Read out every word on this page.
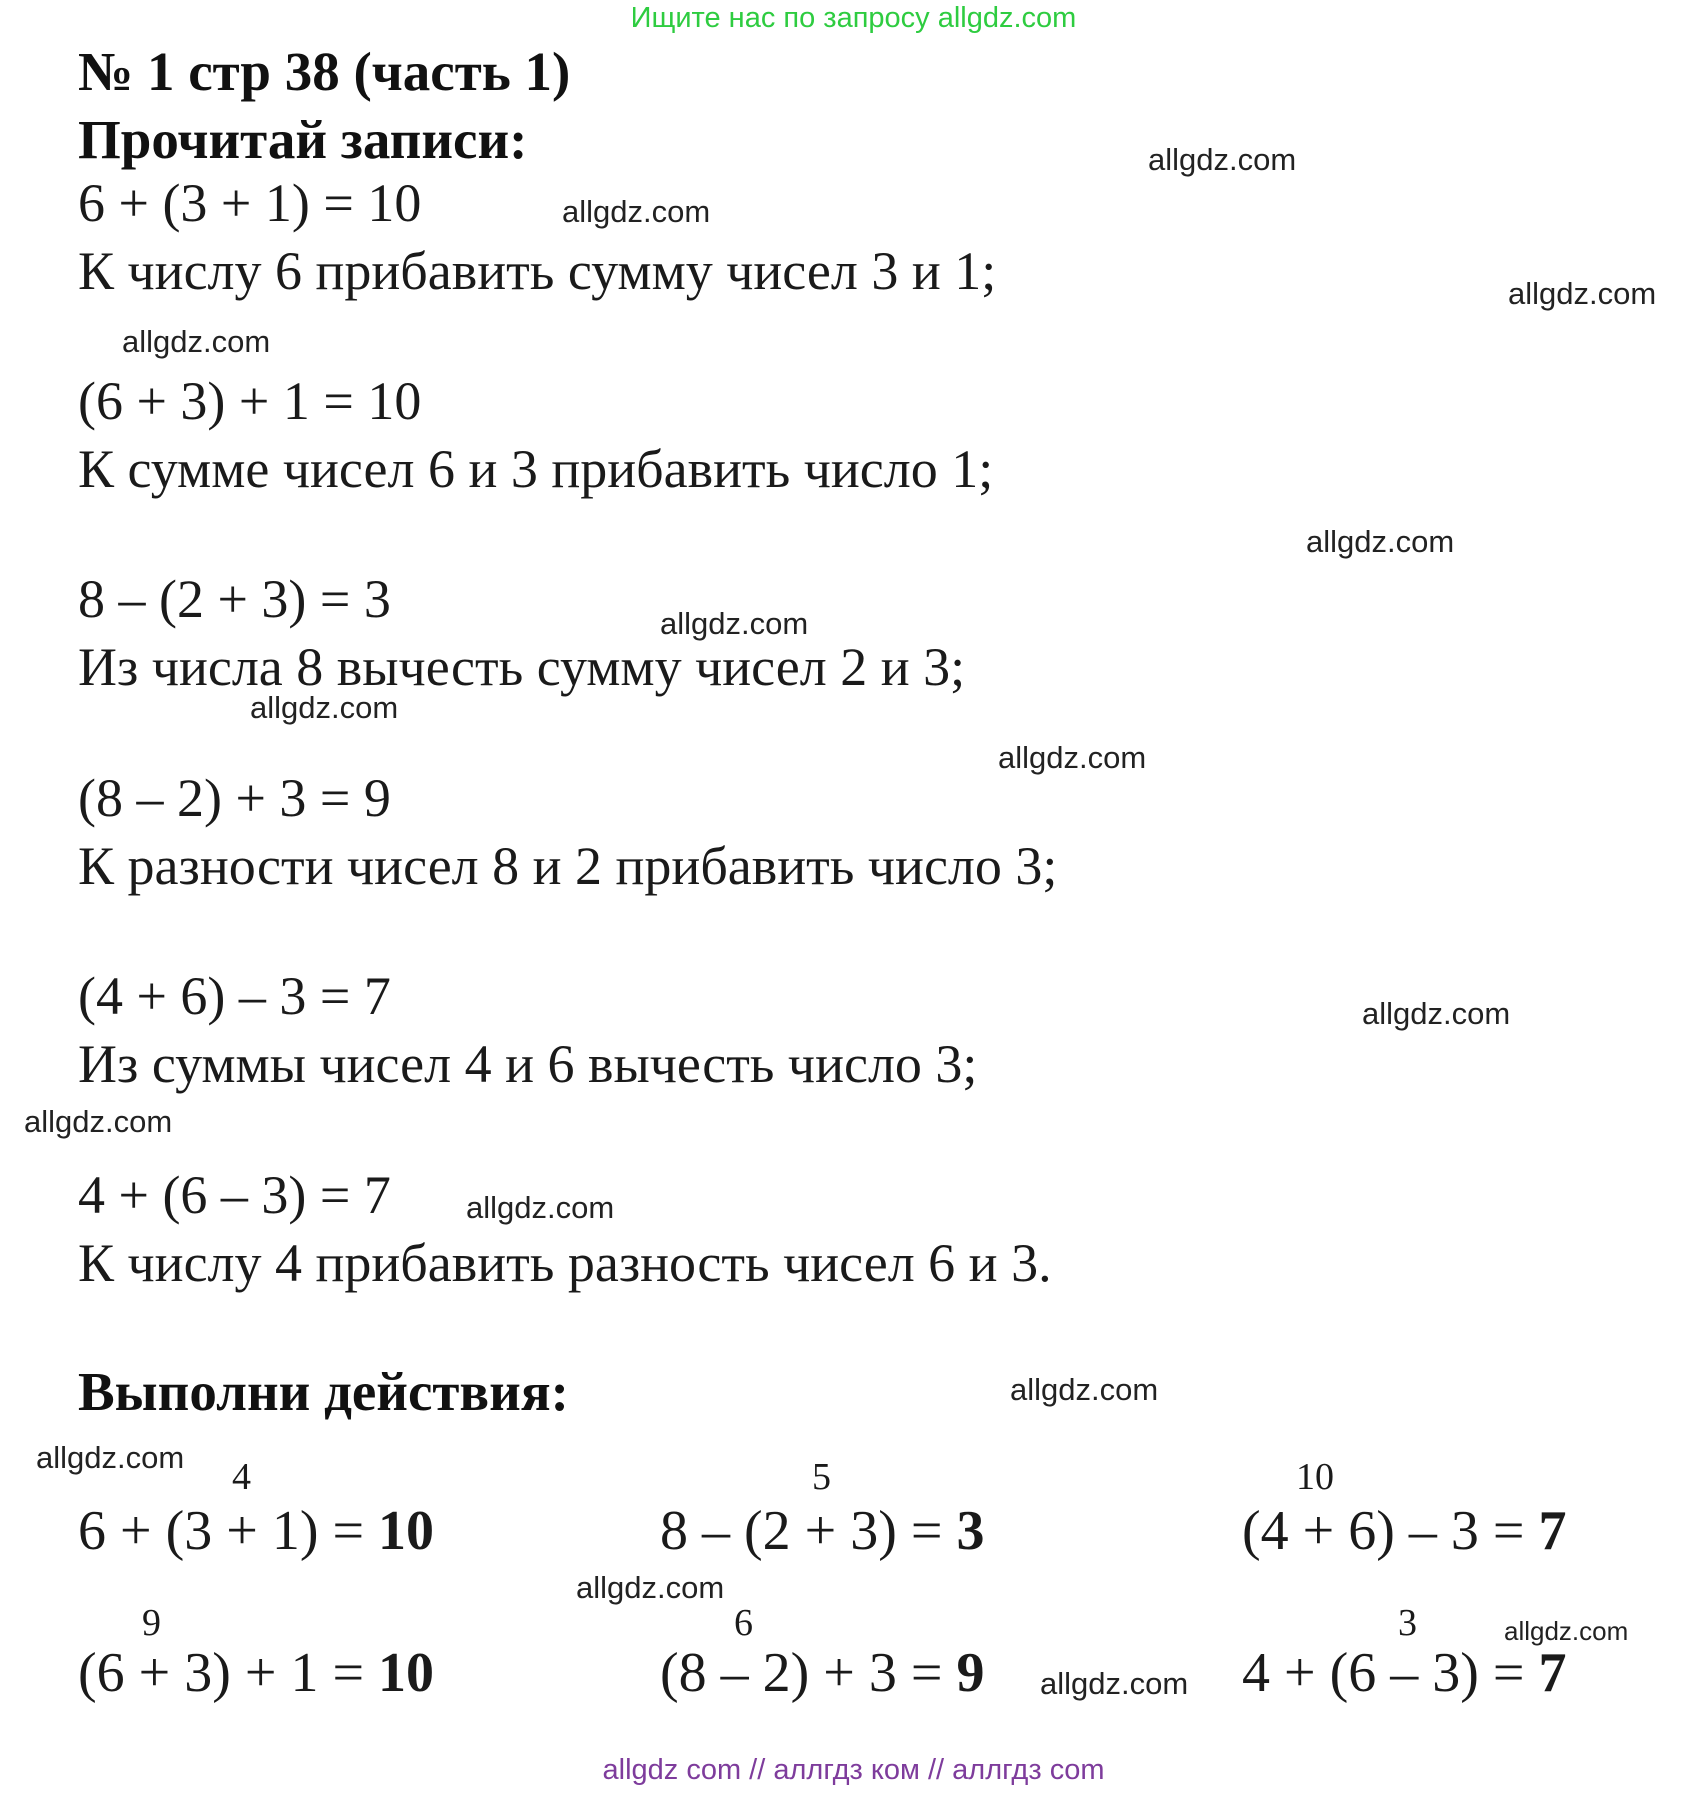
Ищите нас по запросу allgdz.com
allgdz com // аллгдз ком // аллгдз com
№ 1 стр 38 (часть 1)
Прочитай записи:
6 + (3 + 1) = 10
К числу 6 прибавить сумму чисел 3 и 1;
(6 + 3) + 1 = 10
К сумме чисел 6 и 3 прибавить число 1;
8 – (2 + 3) = 3
Из числа 8 вычесть сумму чисел 2 и 3;
(8 – 2) + 3 = 9
К разности чисел 8 и 2 прибавить число 3;
(4 + 6) – 3 = 7
Из суммы чисел 4 и 6 вычесть число 3;
4 + (6 – 3) = 7
К числу 4 прибавить разность чисел 6 и 3.
Выполни действия:
4
6 + (3 + 1) = 10
5
8 – (2 + 3) = 3
10
(4 + 6) – 3 = 7
9
(6 + 3) + 1 = 10
6
(8 – 2) + 3 = 9
3
4 + (6 – 3) = 7
allgdz.com
allgdz.com
allgdz.com
allgdz.com
allgdz.com
allgdz.com
allgdz.com
allgdz.com
allgdz.com
allgdz.com
allgdz.com
allgdz.com
allgdz.com
allgdz.com
allgdz.com
allgdz.com
